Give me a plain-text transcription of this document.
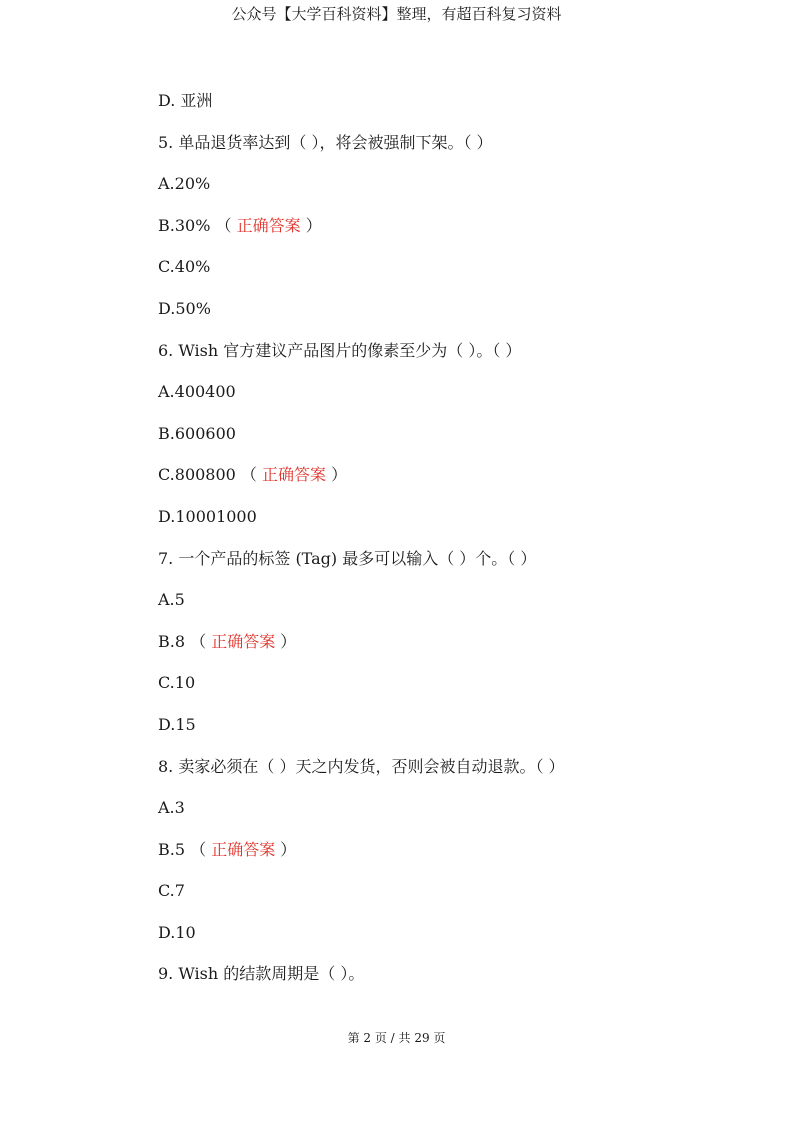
公众号【大学百科资料】整理，有超百科复习资料
D. 亚洲
5. 单品退货率达到（ ），将会被强制下架。（ ）
A.20%
B.30% （ 正确答案 ）
C.40%
D.50%
6. Wish 官方建议产品图片的像素至少为（ ）。（ ）
A.400400
B.600600
C.800800 （ 正确答案 ）
D.10001000
7. 一个产品的标签 (Tag) 最多可以输入（ ）个。（ ）
A.5
B.8 （ 正确答案 ）
C.10
D.15
8. 卖家必须在（ ）天之内发货，否则会被自动退款。（ ）
A.3
B.5 （ 正确答案 ）
C.7
D.10
9. Wish 的结款周期是（ ）。
第 2 页 / 共 29 页
